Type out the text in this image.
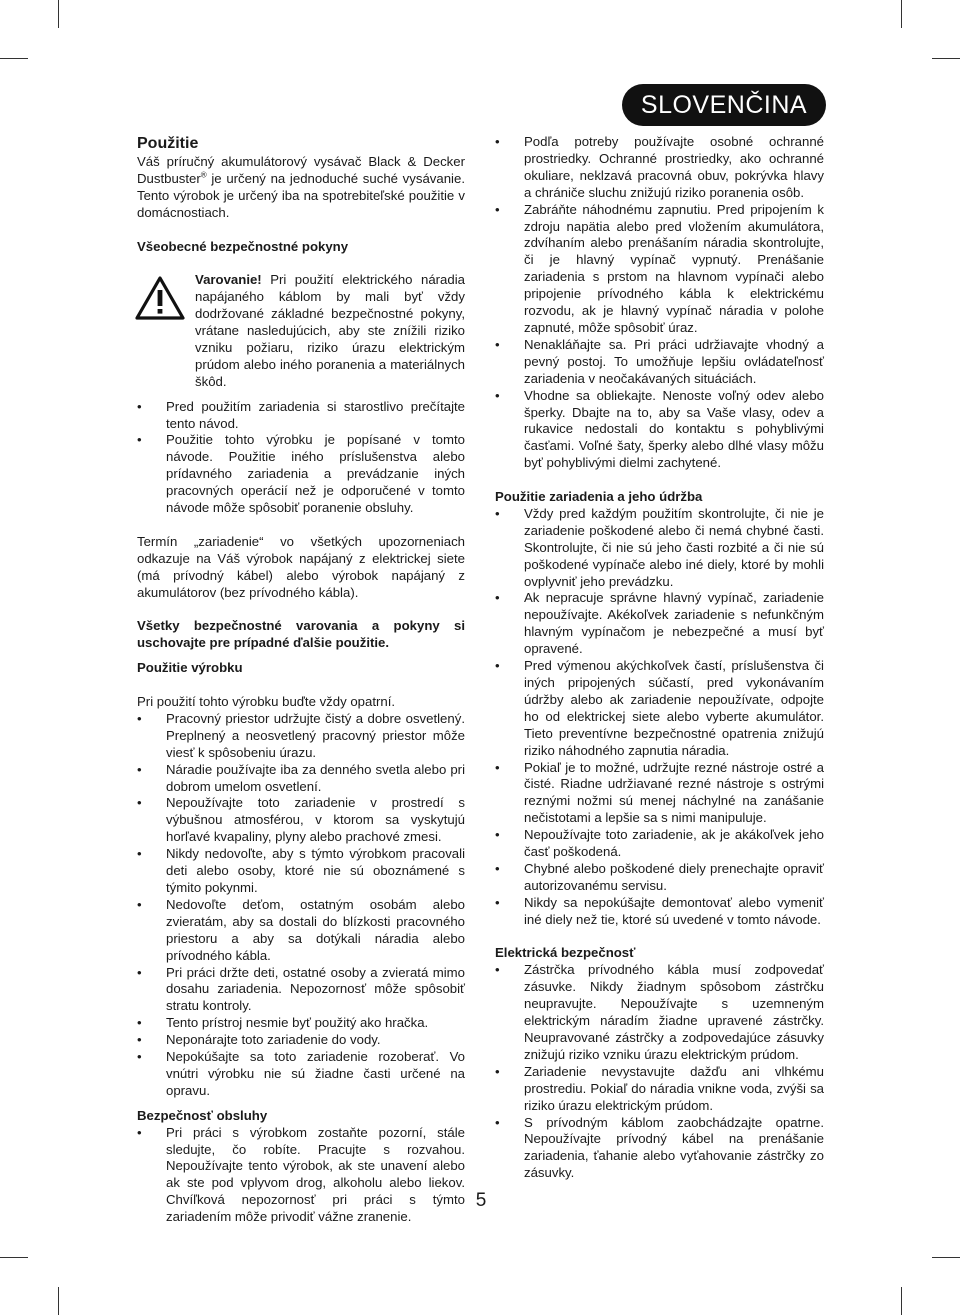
SLOVENČINA

Použitie

Váš príručný akumulátorový vysávač Black & Decker Dustbuster® je určený na jednoduché suché vysávanie. Tento výrobok je určený iba na spotrebiteľské použitie v domácnostiach.

Všeobecné bezpečnostné pokyny

Varovanie! Pri použití elektrického náradia napájaného káblom by mali byť vždy dodržované základné bezpečnostné pokyny, vrátane nasledujúcich, aby ste znížili riziko vzniku požiaru, riziko úrazu elektrickým prúdom alebo iného poranenia a materiálnych škôd.

• Pred použitím zariadenia si starostlivo prečítajte tento návod.
• Použitie tohto výrobku je popísané v tomto návode. Použitie iného príslušenstva alebo prídavného zariadenia a prevádzanie iných pracovných operácií než je odporučené v tomto návode môže spôsobiť poranenie obsluhy.

Termín „zariadenie“ vo všetkých upozorneniach odkazuje na Váš výrobok napájaný z elektrickej siete (má prívodný kábel) alebo výrobok napájaný z akumulátorov (bez prívodného kábla).

Všetky bezpečnostné varovania a pokyny si uschovajte pre prípadné ďalšie použitie.

Použitie výrobku

Pri použití tohto výrobku buďte vždy opatrní.

• Pracovný priestor udržujte čistý a dobre osvetlený. Preplnený a neosvetlený pracovný priestor môže viesť k spôsobeniu úrazu.
• Náradie používajte iba za denného svetla alebo pri dobrom umelom osvetlení.
• Nepoužívajte toto zariadenie v prostredí s výbušnou atmosférou, v ktorom sa vyskytujú horľavé kvapaliny, plyny alebo prachové zmesi.
• Nikdy nedovoľte, aby s týmto výrobkom pracovali deti alebo osoby, ktoré nie sú oboznámené s týmito pokynmi.
• Nedovoľte deťom, ostatným osobám alebo zvieratám, aby sa dostali do blízkosti pracovného priestoru a aby sa dotýkali náradia alebo prívodného kábla.
• Pri práci držte deti, ostatné osoby a zvieratá mimo dosahu zariadenia. Nepozornosť môže spôsobiť stratu kontroly.
• Tento prístroj nesmie byť použitý ako hračka.
• Neponárajte toto zariadenie do vody.
• Nepokúšajte sa toto zariadenie rozoberať. Vo vnútri výrobku nie sú žiadne časti určené na opravu.

Bezpečnosť obsluhy

• Pri práci s výrobkom zostaňte pozorní, stále sledujte, čo robíte. Pracujte s rozvahou. Nepoužívajte tento výrobok, ak ste unavení alebo ak ste pod vplyvom drog, alkoholu alebo liekov. Chvíľková nepozornosť pri práci s týmto zariadením môže privodiť vážne zranenie.
• Podľa potreby používajte osobné ochranné prostriedky. Ochranné prostriedky, ako ochranné okuliare, neklzavá pracovná obuv, pokrývka hlavy a chrániče sluchu znižujú riziko poranenia osôb.
• Zabráňte náhodnému zapnutiu. Pred pripojením k zdroju napätia alebo pred vložením akumulátora, zdvíhaním alebo prenášaním náradia skontrolujte, či je hlavný vypínač vypnutý. Prenášanie zariadenia s prstom na hlavnom vypínači alebo pripojenie prívodného kábla k elektrickému rozvodu, ak je hlavný vypínač náradia v polohe zapnuté, môže spôsobiť úraz.
• Nenakláňajte sa. Pri práci udržiavajte vhodný a pevný postoj. To umožňuje lepšiu ovládateľnosť zariadenia v neočakávaných situáciách.
• Vhodne sa obliekajte. Nenoste voľný odev alebo šperky. Dbajte na to, aby sa Vaše vlasy, odev a rukavice nedostali do kontaktu s pohyblivými časťami. Voľné šaty, šperky alebo dlhé vlasy môžu byť pohyblivými dielmi zachytené.

Použitie zariadenia a jeho údržba

• Vždy pred každým použitím skontrolujte, či nie je zariadenie poškodené alebo či nemá chybné časti. Skontrolujte, či nie sú jeho časti rozbité a či nie sú poškodené vypínače alebo iné diely, ktoré by mohli ovplyvniť jeho prevádzku.
• Ak nepracuje správne hlavný vypínač, zariadenie nepoužívajte. Akékoľvek zariadenie s nefunkčným hlavným vypínačom je nebezpečné a musí byť opravené.
• Pred výmenou akýchkoľvek častí, príslušenstva či iných pripojených súčastí, pred vykonávaním údržby alebo ak zariadenie nepoužívate, odpojte ho od elektrickej siete alebo vyberte akumulátor. Tieto preventívne bezpečnostné opatrenia znižujú riziko náhodného zapnutia náradia.
• Pokiaľ je to možné, udržujte rezné nástroje ostré a čisté. Riadne udržiavané rezné nástroje s ostrými reznými nožmi sú menej náchylné na zanášanie nečistotami a lepšie sa s nimi manipuluje.
• Nepoužívajte toto zariadenie, ak je akákoľvek jeho časť poškodená.
• Chybné alebo poškodené diely prenechajte opraviť autorizovanému servisu.
• Nikdy sa nepokúšajte demontovať alebo vymeniť iné diely než tie, ktoré sú uvedené v tomto návode.

Elektrická bezpečnosť

• Zástrčka prívodného kábla musí zodpovedať zásuvke. Nikdy žiadnym spôsobom zástrčku neupravujte. Nepoužívajte s uzemneným elektrickým náradím žiadne upravené zástrčky. Neupravované zástrčky a zodpovedajúce zásuvky znižujú riziko vzniku úrazu elektrickým prúdom.
• Zariadenie nevystavujte dažďu ani vlhkému prostrediu. Pokiaľ do náradia vnikne voda, zvýši sa riziko úrazu elektrickým prúdom.
• S prívodným káblom zaobchádzajte opatrne. Nepoužívajte prívodný kábel na prenášanie zariadenia, ťahanie alebo vyťahovanie zástrčky zo zásuvky.
5
